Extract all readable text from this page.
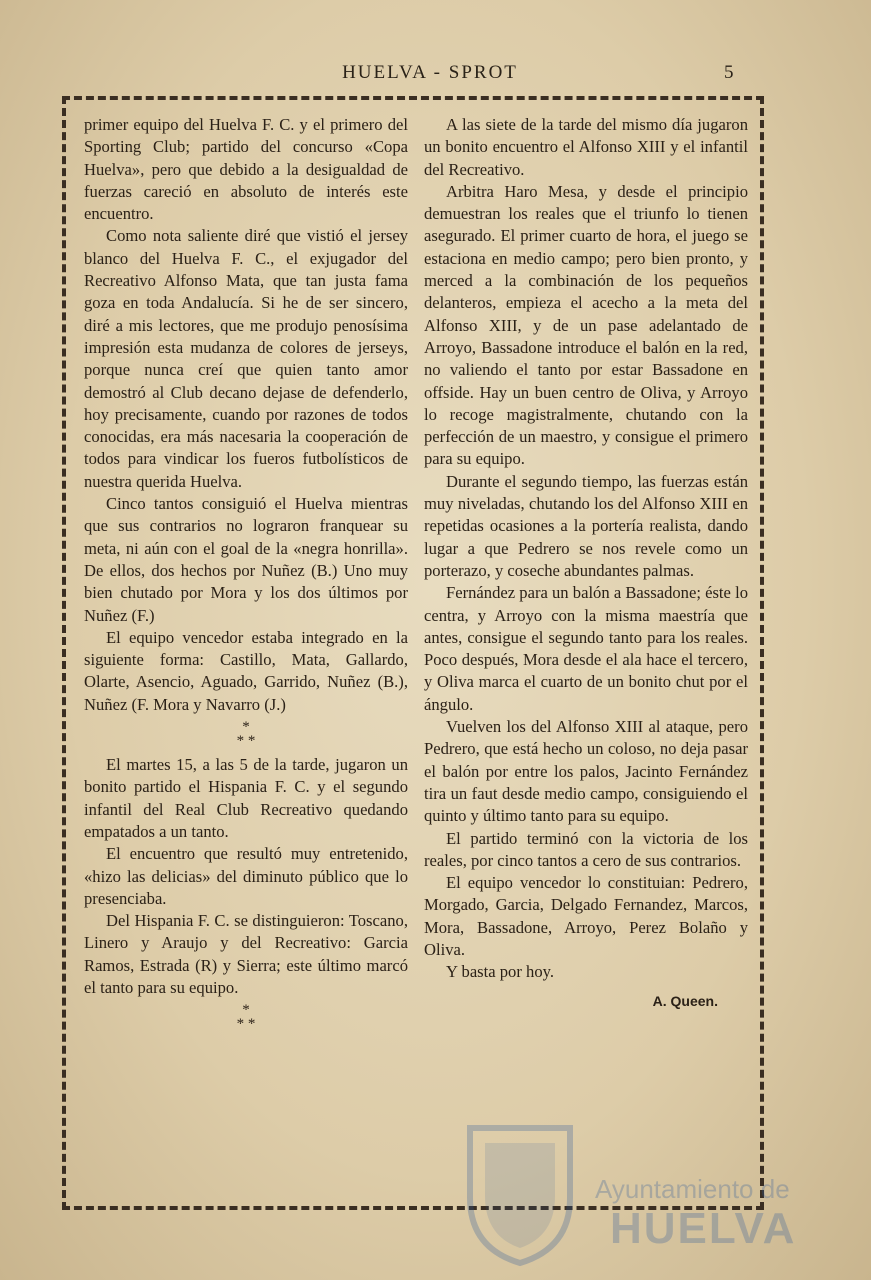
HUELVA - SPROT	5

primer equipo del Huelva F. C. y el primero del Sporting Club; partido del concurso «Copa Huelva», pero que debido a la desigualdad de fuerzas careció en absoluto de interés este encuentro.

Como nota saliente diré que vistió el jersey blanco del Huelva F. C., el exjugador del Recreativo Alfonso Mata, que tan justa fama goza en toda Andalucía. Si he de ser sincero, diré a mis lectores, que me produjo penosísima impresión esta mudanza de colores de jerseys, porque nunca creí que quien tanto amor demostró al Club decano dejase de defenderlo, hoy precisamente, cuando por razones de todos conocidas, era más nacesaria la cooperación de todos para vindicar los fueros futbolísticos de nuestra querida Huelva.

Cinco tantos consiguió el Huelva mientras que sus contrarios no lograron franquear su meta, ni aún con el goal de la «negra honrilla». De ellos, dos hechos por Nuñez (B.) Uno muy bien chutado por Mora y los dos últimos por Nuñez (F.)

El equipo vencedor estaba integrado en la siguiente forma: Castillo, Mata, Gallardo, Olarte, Asencio, Aguado, Garrido, Nuñez (B.), Nuñez (F. Mora y Navarro (J.)

*
* *

El martes 15, a las 5 de la tarde, jugaron un bonito partido el Hispania F. C. y el segundo infantil del Real Club Recreativo quedando empatados a un tanto.

El encuentro que resultó muy entretenido, «hizo las delicias» del diminuto público que lo presenciaba.

Del Hispania F. C. se distinguieron: Toscano, Linero y Araujo y del Recreativo: Garcia Ramos, Estrada (R) y Sierra; este último marcó el tanto para su equipo.

*
* *

A las siete de la tarde del mismo día jugaron un bonito encuentro el Alfonso XIII y el infantil del Recreativo.

Arbitra Haro Mesa, y desde el principio demuestran los reales que el triunfo lo tienen asegurado. El primer cuarto de hora, el juego se estaciona en medio campo; pero bien pronto, y merced a la combinación de los pequeños delanteros, empieza el acecho a la meta del Alfonso XIII, y de un pase adelantado de Arroyo, Bassadone introduce el balón en la red, no valiendo el tanto por estar Bassadone en offside. Hay un buen centro de Oliva, y Arroyo lo recoge magistralmente, chutando con la perfección de un maestro, y consigue el primero para su equipo.

Durante el segundo tiempo, las fuerzas están muy niveladas, chutando los del Alfonso XIII en repetidas ocasiones a la portería realista, dando lugar a que Pedrero se nos revele como un porterazo, y coseche abundantes palmas.

Fernández para un balón a Bassadone; éste lo centra, y Arroyo con la misma maestría que antes, consigue el segundo tanto para los reales. Poco después, Mora desde el ala hace el tercero, y Oliva marca el cuarto de un bonito chut por el ángulo.

Vuelven los del Alfonso XIII al ataque, pero Pedrero, que está hecho un coloso, no deja pasar el balón por entre los palos, Jacinto Fernández tira un faut desde medio campo, consiguiendo el quinto y último tanto para su equipo.

El partido terminó con la victoria de los reales, por cinco tantos a cero de sus contrarios.

El equipo vencedor lo constituian: Pedrero, Morgado, Garcia, Delgado Fernandez, Marcos, Mora, Bassadone, Arroyo, Perez Bolaño y Oliva.

Y basta por hoy.

A. Queen.
Ayuntamiento de
HUELVA
